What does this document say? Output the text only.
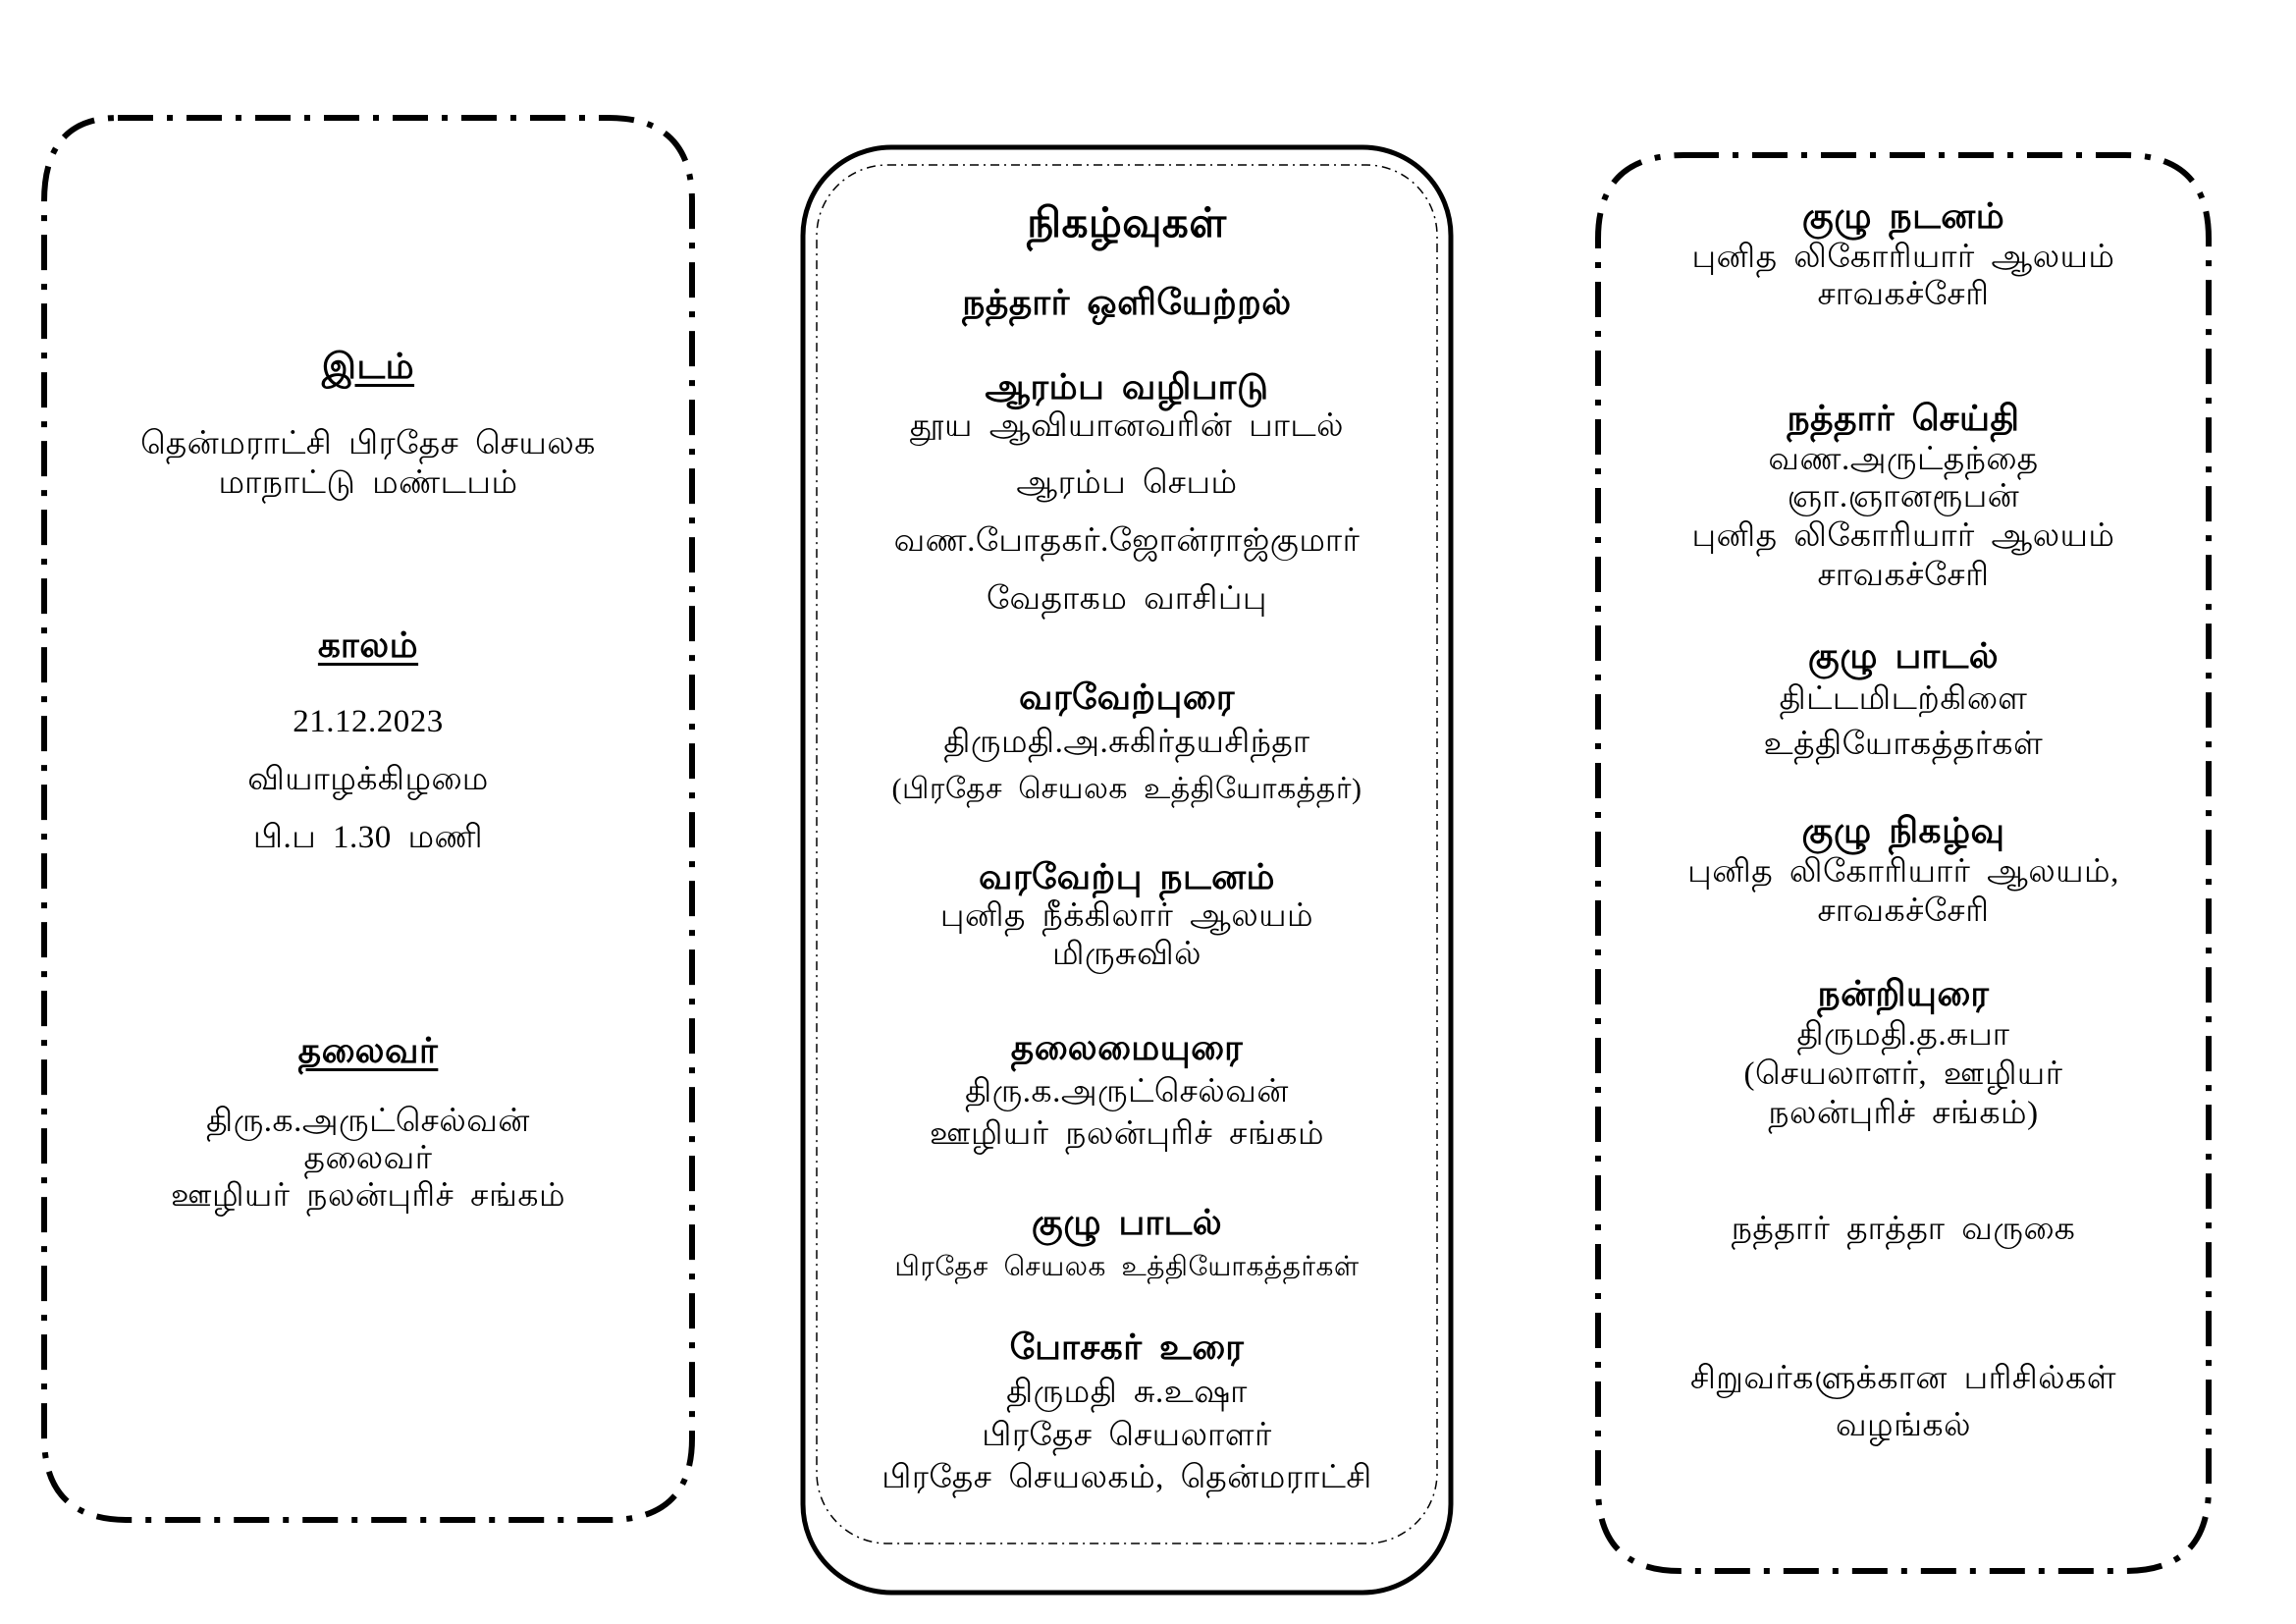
இடம்
தென்மராட்சி பிரதேச செயலக
மாநாட்டு மண்டபம்
காலம்
21.12.2023
வியாழக்கிழமை
பி.ப 1.30 மணி
தலைவர்
திரு.க.அருட்செல்வன்
தலைவர்
ஊழியர் நலன்புரிச் சங்கம்
நிகழ்வுகள்
நத்தார் ஒளியேற்றல்
ஆரம்ப வழிபாடு
தூய ஆவியானவரின் பாடல்
ஆரம்ப செபம்
வண.போதகர்.ஜோன்ராஜ்குமார்
வேதாகம வாசிப்பு
வரவேற்புரை
திருமதி.அ.சுகிர்தயசிந்தா
(பிரதேச செயலக உத்தியோகத்தர்)
வரவேற்பு நடனம்
புனித நீக்கிலார் ஆலயம்
மிருசுவில்
தலைமையுரை
திரு.க.அருட்செல்வன்
ஊழியர் நலன்புரிச் சங்கம்
குழு பாடல்
பிரதேச செயலக உத்தியோகத்தர்கள்
போசகர் உரை
திருமதி சு.உஷா
பிரதேச செயலாளர்
பிரதேச செயலகம், தென்மராட்சி
குழு நடனம்
புனித லிகோரியார் ஆலயம்
சாவகச்சேரி
நத்தார் செய்தி
வண.அருட்தந்தை
ஞா.ஞானரூபன்
புனித லிகோரியார் ஆலயம்
சாவகச்சேரி
குழு பாடல்
திட்டமிடற்கிளை
உத்தியோகத்தர்கள்
குழு நிகழ்வு
புனித லிகோரியார் ஆலயம்,
சாவகச்சேரி
நன்றியுரை
திருமதி.த.சுபா
(செயலாளர், ஊழியர்
நலன்புரிச் சங்கம்)
நத்தார் தாத்தா வருகை
சிறுவர்களுக்கான பரிசில்கள்
வழங்கல்
